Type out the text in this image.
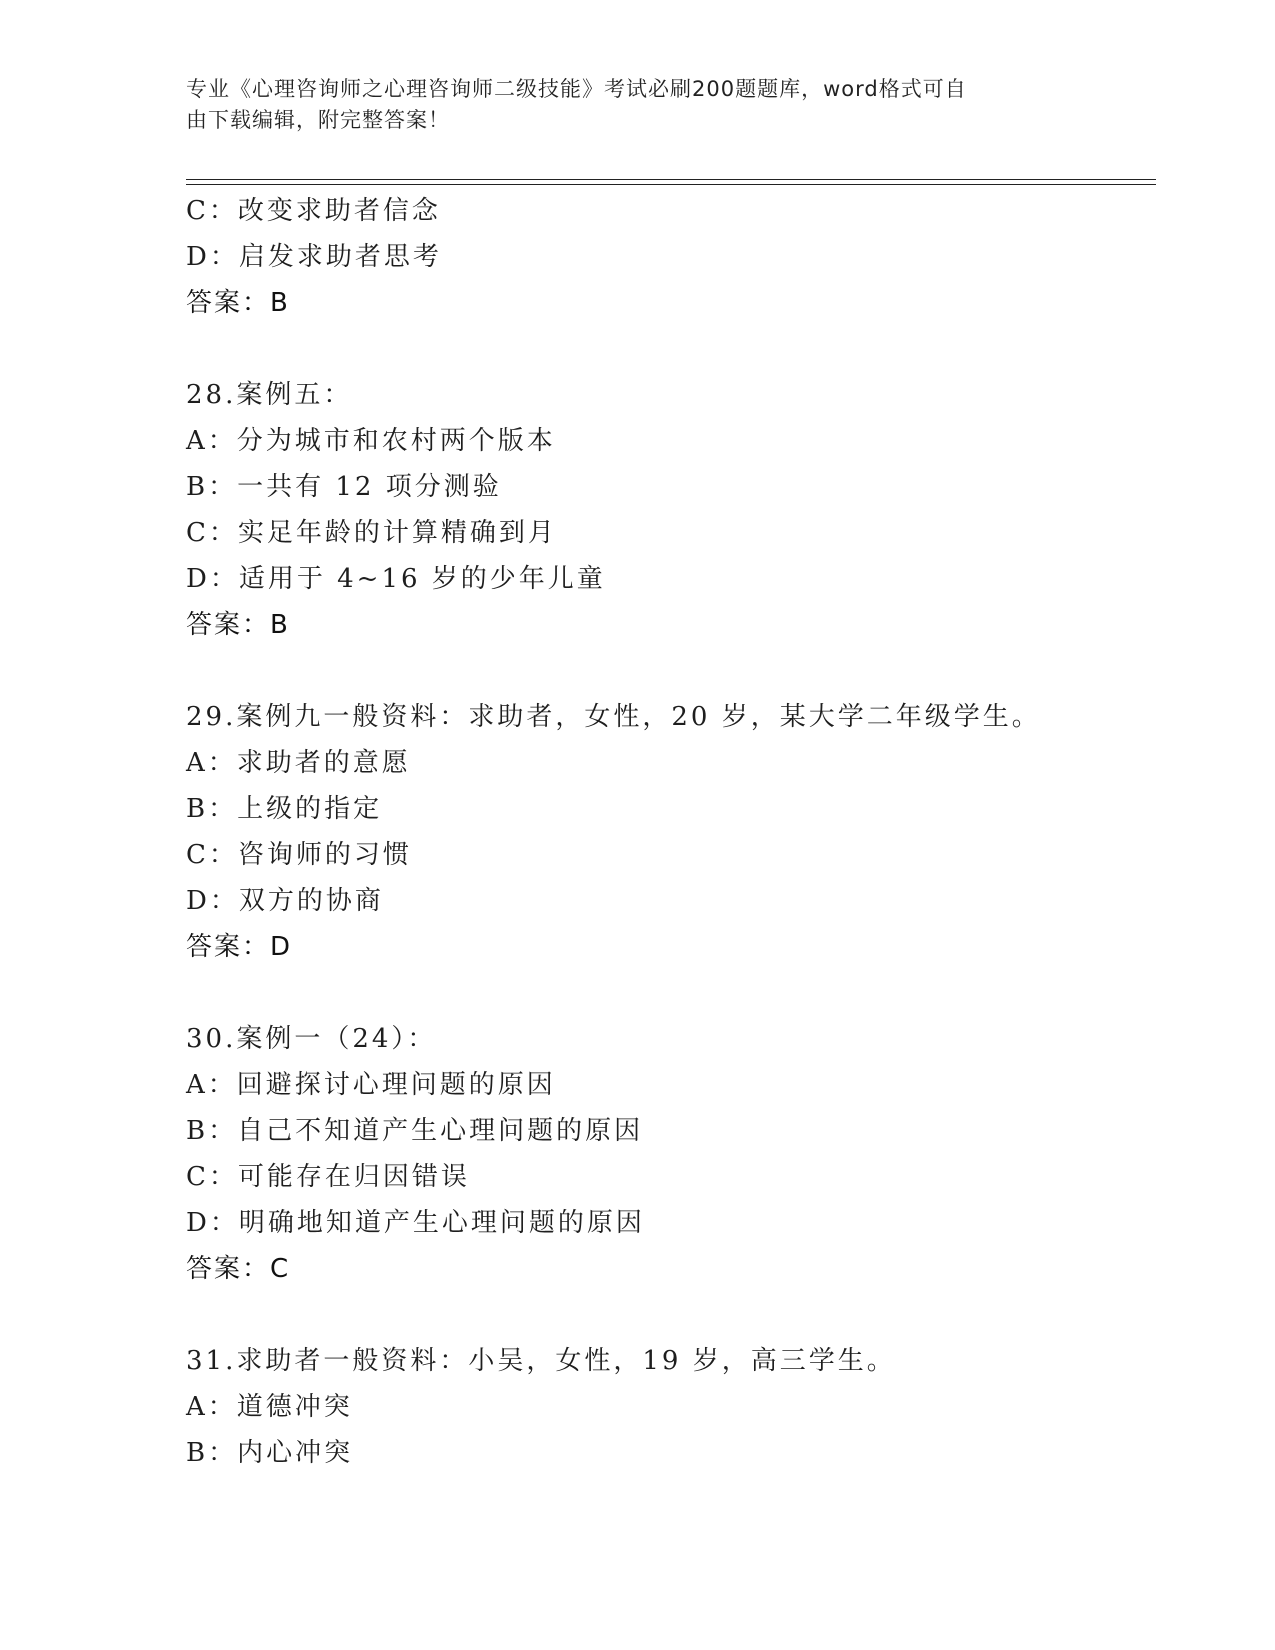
专业《心理咨询师之心理咨询师二级技能》考试必刷200题题库，word格式可自
由下载编辑，附完整答案！
C：改变求助者信念
D：启发求助者思考
答案：B
28.案例五：
A：分为城市和农村两个版本
B：一共有 12 项分测验
C：实足年龄的计算精确到月
D：适用于 4~16 岁的少年儿童
答案：B
29.案例九一般资料：求助者，女性，20 岁，某大学二年级学生。
A：求助者的意愿
B：上级的指定
C：咨询师的习惯
D：双方的协商
答案：D
30.案例一（24）：
A：回避探讨心理问题的原因
B：自己不知道产生心理问题的原因
C：可能存在归因错误
D：明确地知道产生心理问题的原因
答案：C
31.求助者一般资料：小吴，女性，19 岁，高三学生。
A：道德冲突
B：内心冲突
